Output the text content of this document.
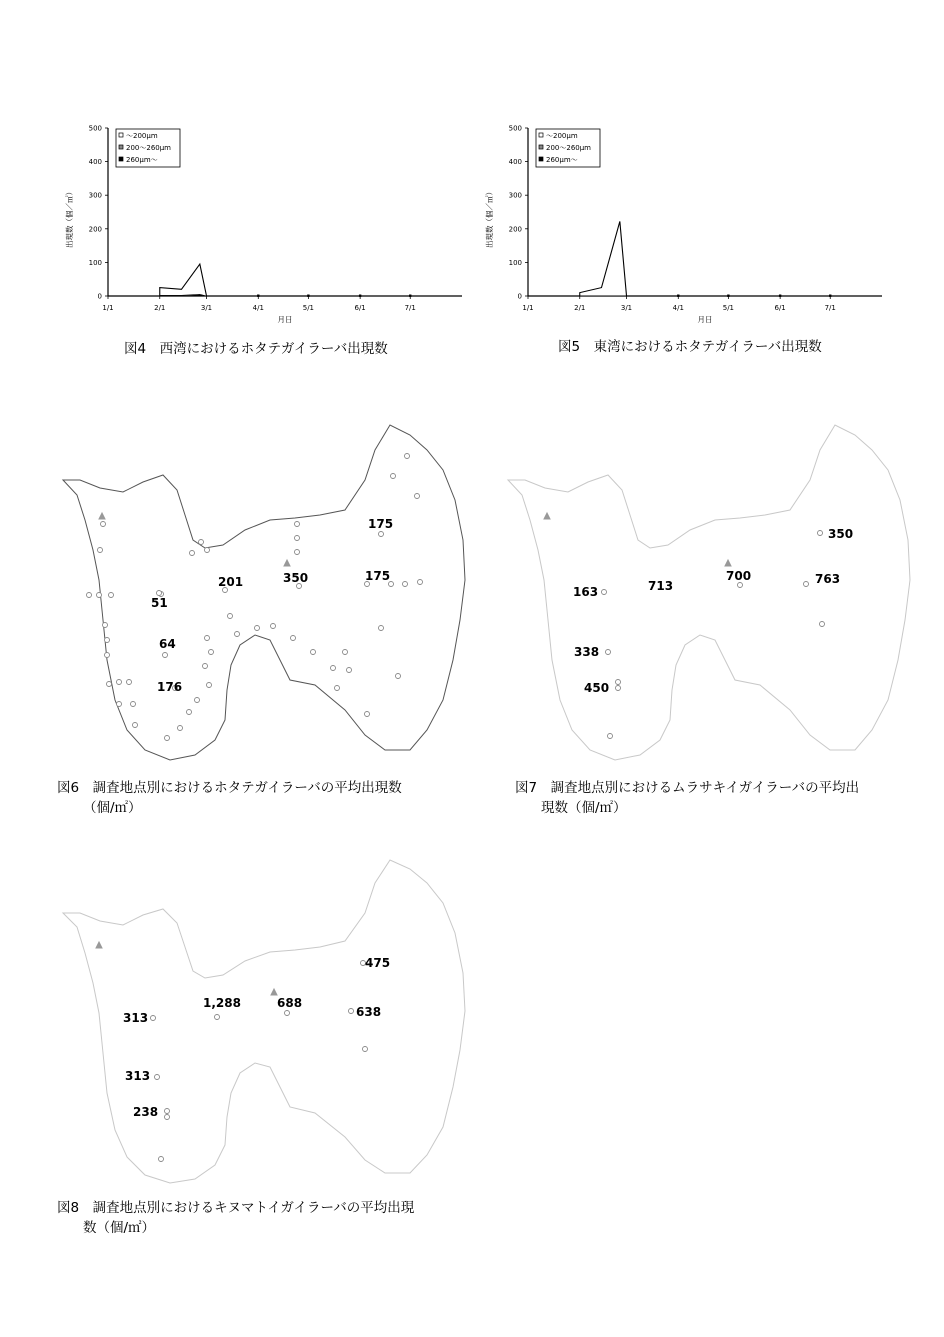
出現数（個／㎡）
月日
～200μm
200～260μm
260μm～
0
100
200
300
400
500
1/1	2/1	3/1	4/1	5/1	6/1	7/1
出現数（個／㎡）
月日
～200μm
200～260μm
260μm～
0
100
200
300
400
500
1/1	2/1	3/1	4/1	5/1	6/1	7/1
図4　西湾におけるホタテガイラーバ出現数	図5　東湾におけるホタテガイラーバ出現数
175
201	350	175
51
64
176
図6　調査地点別におけるホタテガイラーバの平均出現数
（個/㎡）
350
163	713
700	763
338
450
図7　調査地点別におけるムラサキイガイラーバの平均出
現数（個/㎡）
475
313
1,288	688
638
313
238
図8　調査地点別におけるキヌマトイガイラーバの平均出現
数（個/㎡）
